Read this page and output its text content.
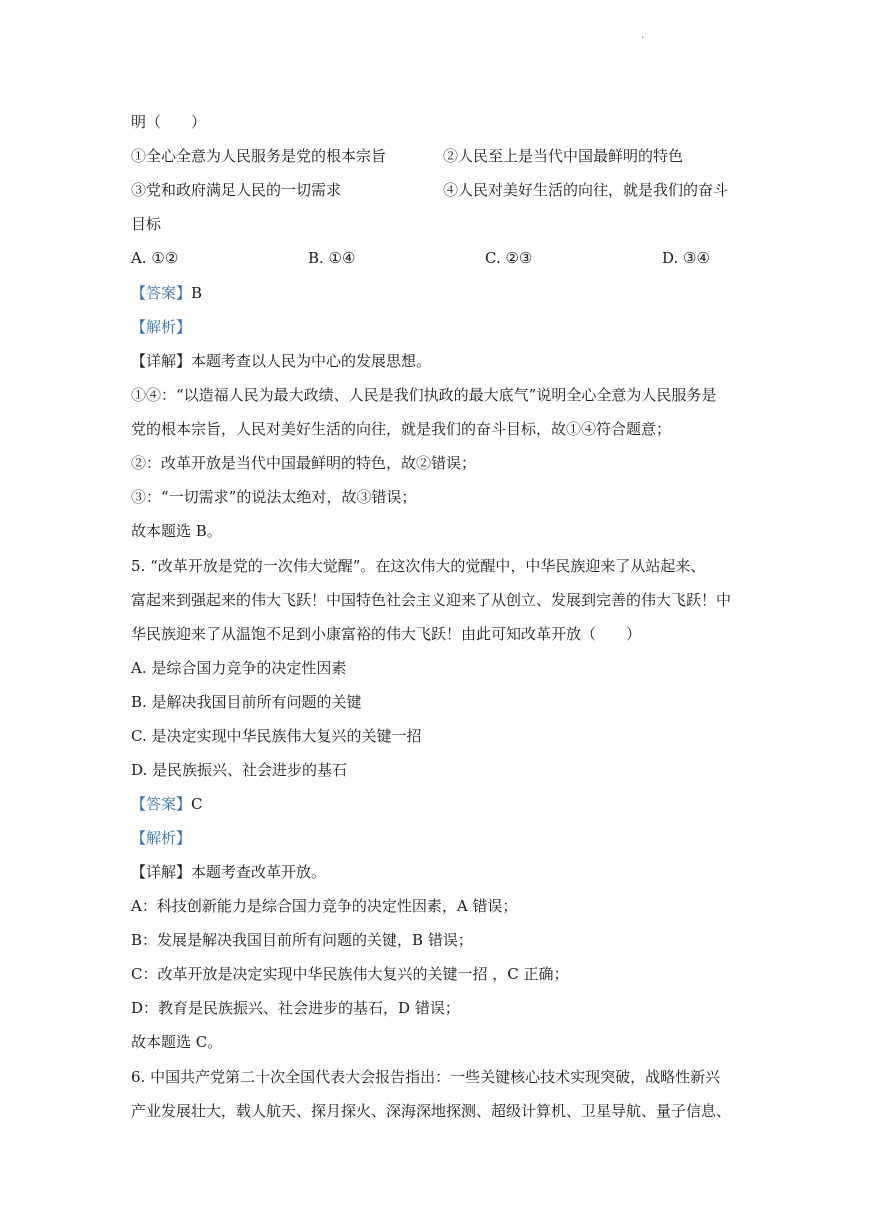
.
明（　　）
①全心全意为人民服务是党的根本宗旨	②人民至上是当代中国最鲜明的特色
③党和政府满足人民的一切需求	④人民对美好生活的向往，就是我们的奋斗
目标
A. ①②	B. ①④	C. ②③	D. ③④
【答案】B
【解析】
【详解】本题考查以人民为中心的发展思想。
①④：“以造福人民为最大政绩、人民是我们执政的最大底气”说明全心全意为人民服务是
党的根本宗旨，人民对美好生活的向往，就是我们的奋斗目标，故①④符合题意；
②：改革开放是当代中国最鲜明的特色，故②错误；
③：“一切需求”的说法太绝对，故③错误；
故本题选 B。
5. “改革开放是党的一次伟大觉醒”。在这次伟大的觉醒中，中华民族迎来了从站起来、
富起来到强起来的伟大飞跃！中国特色社会主义迎来了从创立、发展到完善的伟大飞跃！中
华民族迎来了从温饱不足到小康富裕的伟大飞跃！由此可知改革开放（　　）
A. 是综合国力竞争的决定性因素
B. 是解决我国目前所有问题的关键
C. 是决定实现中华民族伟大复兴的关键一招
D. 是民族振兴、社会进步的基石
【答案】C
【解析】
【详解】本题考查改革开放。
A：科技创新能力是综合国力竞争的决定性因素，A 错误；
B：发展是解决我国目前所有问题的关键，B 错误；
C：改革开放是决定实现中华民族伟大复兴的关键一招 ，C 正确；
D：教育是民族振兴、社会进步的基石，D 错误；
故本题选 C。
6. 中国共产党第二十次全国代表大会报告指出：一些关键核心技术实现突破，战略性新兴
产业发展壮大，载人航天、探月探火、深海深地探测、超级计算机、卫星导航、量子信息、
